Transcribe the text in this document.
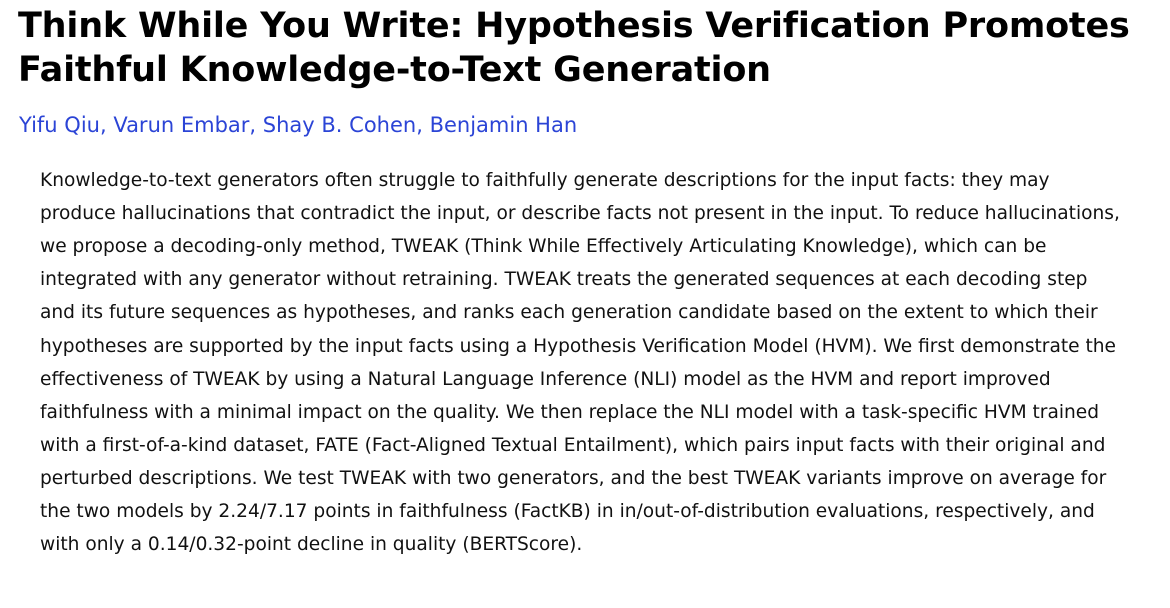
Think While You Write: Hypothesis Verification Promotes Faithful Knowledge-to-Text Generation
Yifu Qiu, Varun Embar, Shay B. Cohen, Benjamin Han
Knowledge-to-text generators often struggle to faithfully generate descriptions for the input facts: they may produce hallucinations that contradict the input, or describe facts not present in the input. To reduce hallucinations, we propose a decoding-only method, TWEAK (Think While Effectively Articulating Knowledge), which can be integrated with any generator without retraining. TWEAK treats the generated sequences at each decoding step and its future sequences as hypotheses, and ranks each generation candidate based on the extent to which their hypotheses are supported by the input facts using a Hypothesis Verification Model (HVM). We first demonstrate the effectiveness of TWEAK by using a Natural Language Inference (NLI) model as the HVM and report improved faithfulness with a minimal impact on the quality. We then replace the NLI model with a task-specific HVM trained with a first-of-a-kind dataset, FATE (Fact-Aligned Textual Entailment), which pairs input facts with their original and perturbed descriptions. We test TWEAK with two generators, and the best TWEAK variants improve on average for the two models by 2.24/7.17 points in faithfulness (FactKB) in in/out-of-distribution evaluations, respectively, and with only a 0.14/0.32-point decline in quality (BERTScore).
